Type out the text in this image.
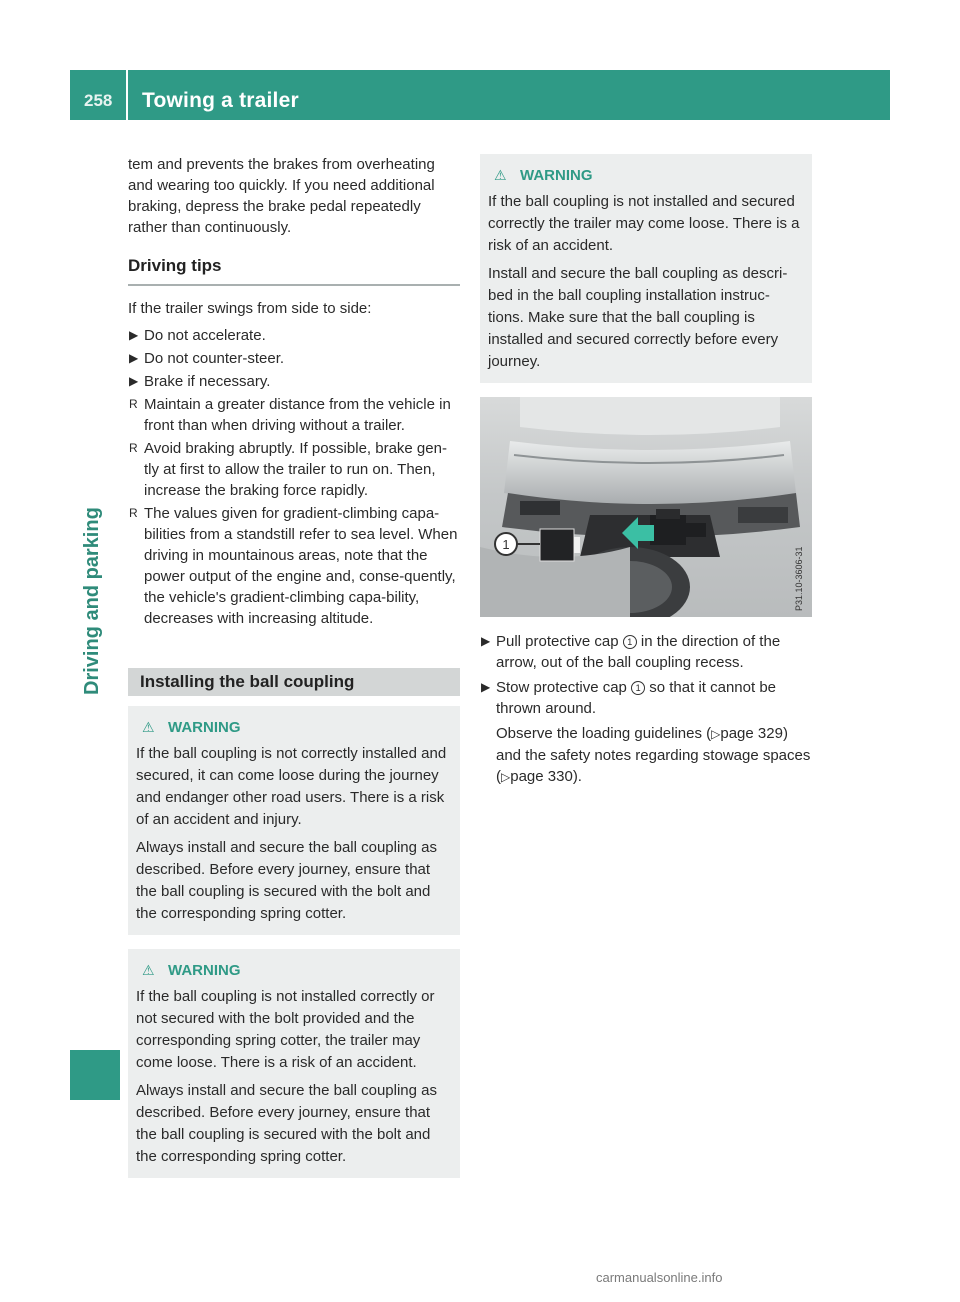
258 Towing a trailer
Driving and parking

tem and prevents the brakes from overheating and wearing too quickly. If you need additional braking, depress the brake pedal repeatedly rather than continuously.

Driving tips

If the trailer swings from side to side:

▶ Do not accelerate.
▶ Do not counter-steer.
▶ Brake if necessary.
R Maintain a greater distance from the vehicle in front than when driving without a trailer.
R Avoid braking abruptly. If possible, brake gen-tly at first to allow the trailer to run on. Then, increase the braking force rapidly.
R The values given for gradient-climbing capa-bilities from a standstill refer to sea level. When driving in mountainous areas, note that the power output of the engine and, conse-quently, the vehicle's gradient-climbing capa-bility, decreases with increasing altitude.
Installing the ball coupling
⚠ WARNING

If the ball coupling is not correctly installed and secured, it can come loose during the journey and endanger other road users. There is a risk of an accident and injury.

Always install and secure the ball coupling as described. Before every journey, ensure that the ball coupling is secured with the bolt and the corresponding spring cotter.

⚠ WARNING

If the ball coupling is not installed correctly or not secured with the bolt provided and the corresponding spring cotter, the trailer may come loose. There is a risk of an accident.

Always install and secure the ball coupling as described. Before every journey, ensure that the ball coupling is secured with the bolt and the corresponding spring cotter.

⚠ WARNING

If the ball coupling is not installed and secured correctly the trailer may come loose. There is a risk of an accident.

Install and secure the ball coupling as descri-bed in the ball coupling installation instruc-tions. Make sure that the ball coupling is installed and secured correctly before every journey.

1
P31.10-3606-31
▶ Pull protective cap 1 in the direction of the arrow, out of the ball coupling recess.
▶ Stow protective cap 1 so that it cannot be thrown around.

Observe the loading guidelines (▷page 329) and the safety notes regarding stowage spaces (▷page 330).

carmanualsonline.info
